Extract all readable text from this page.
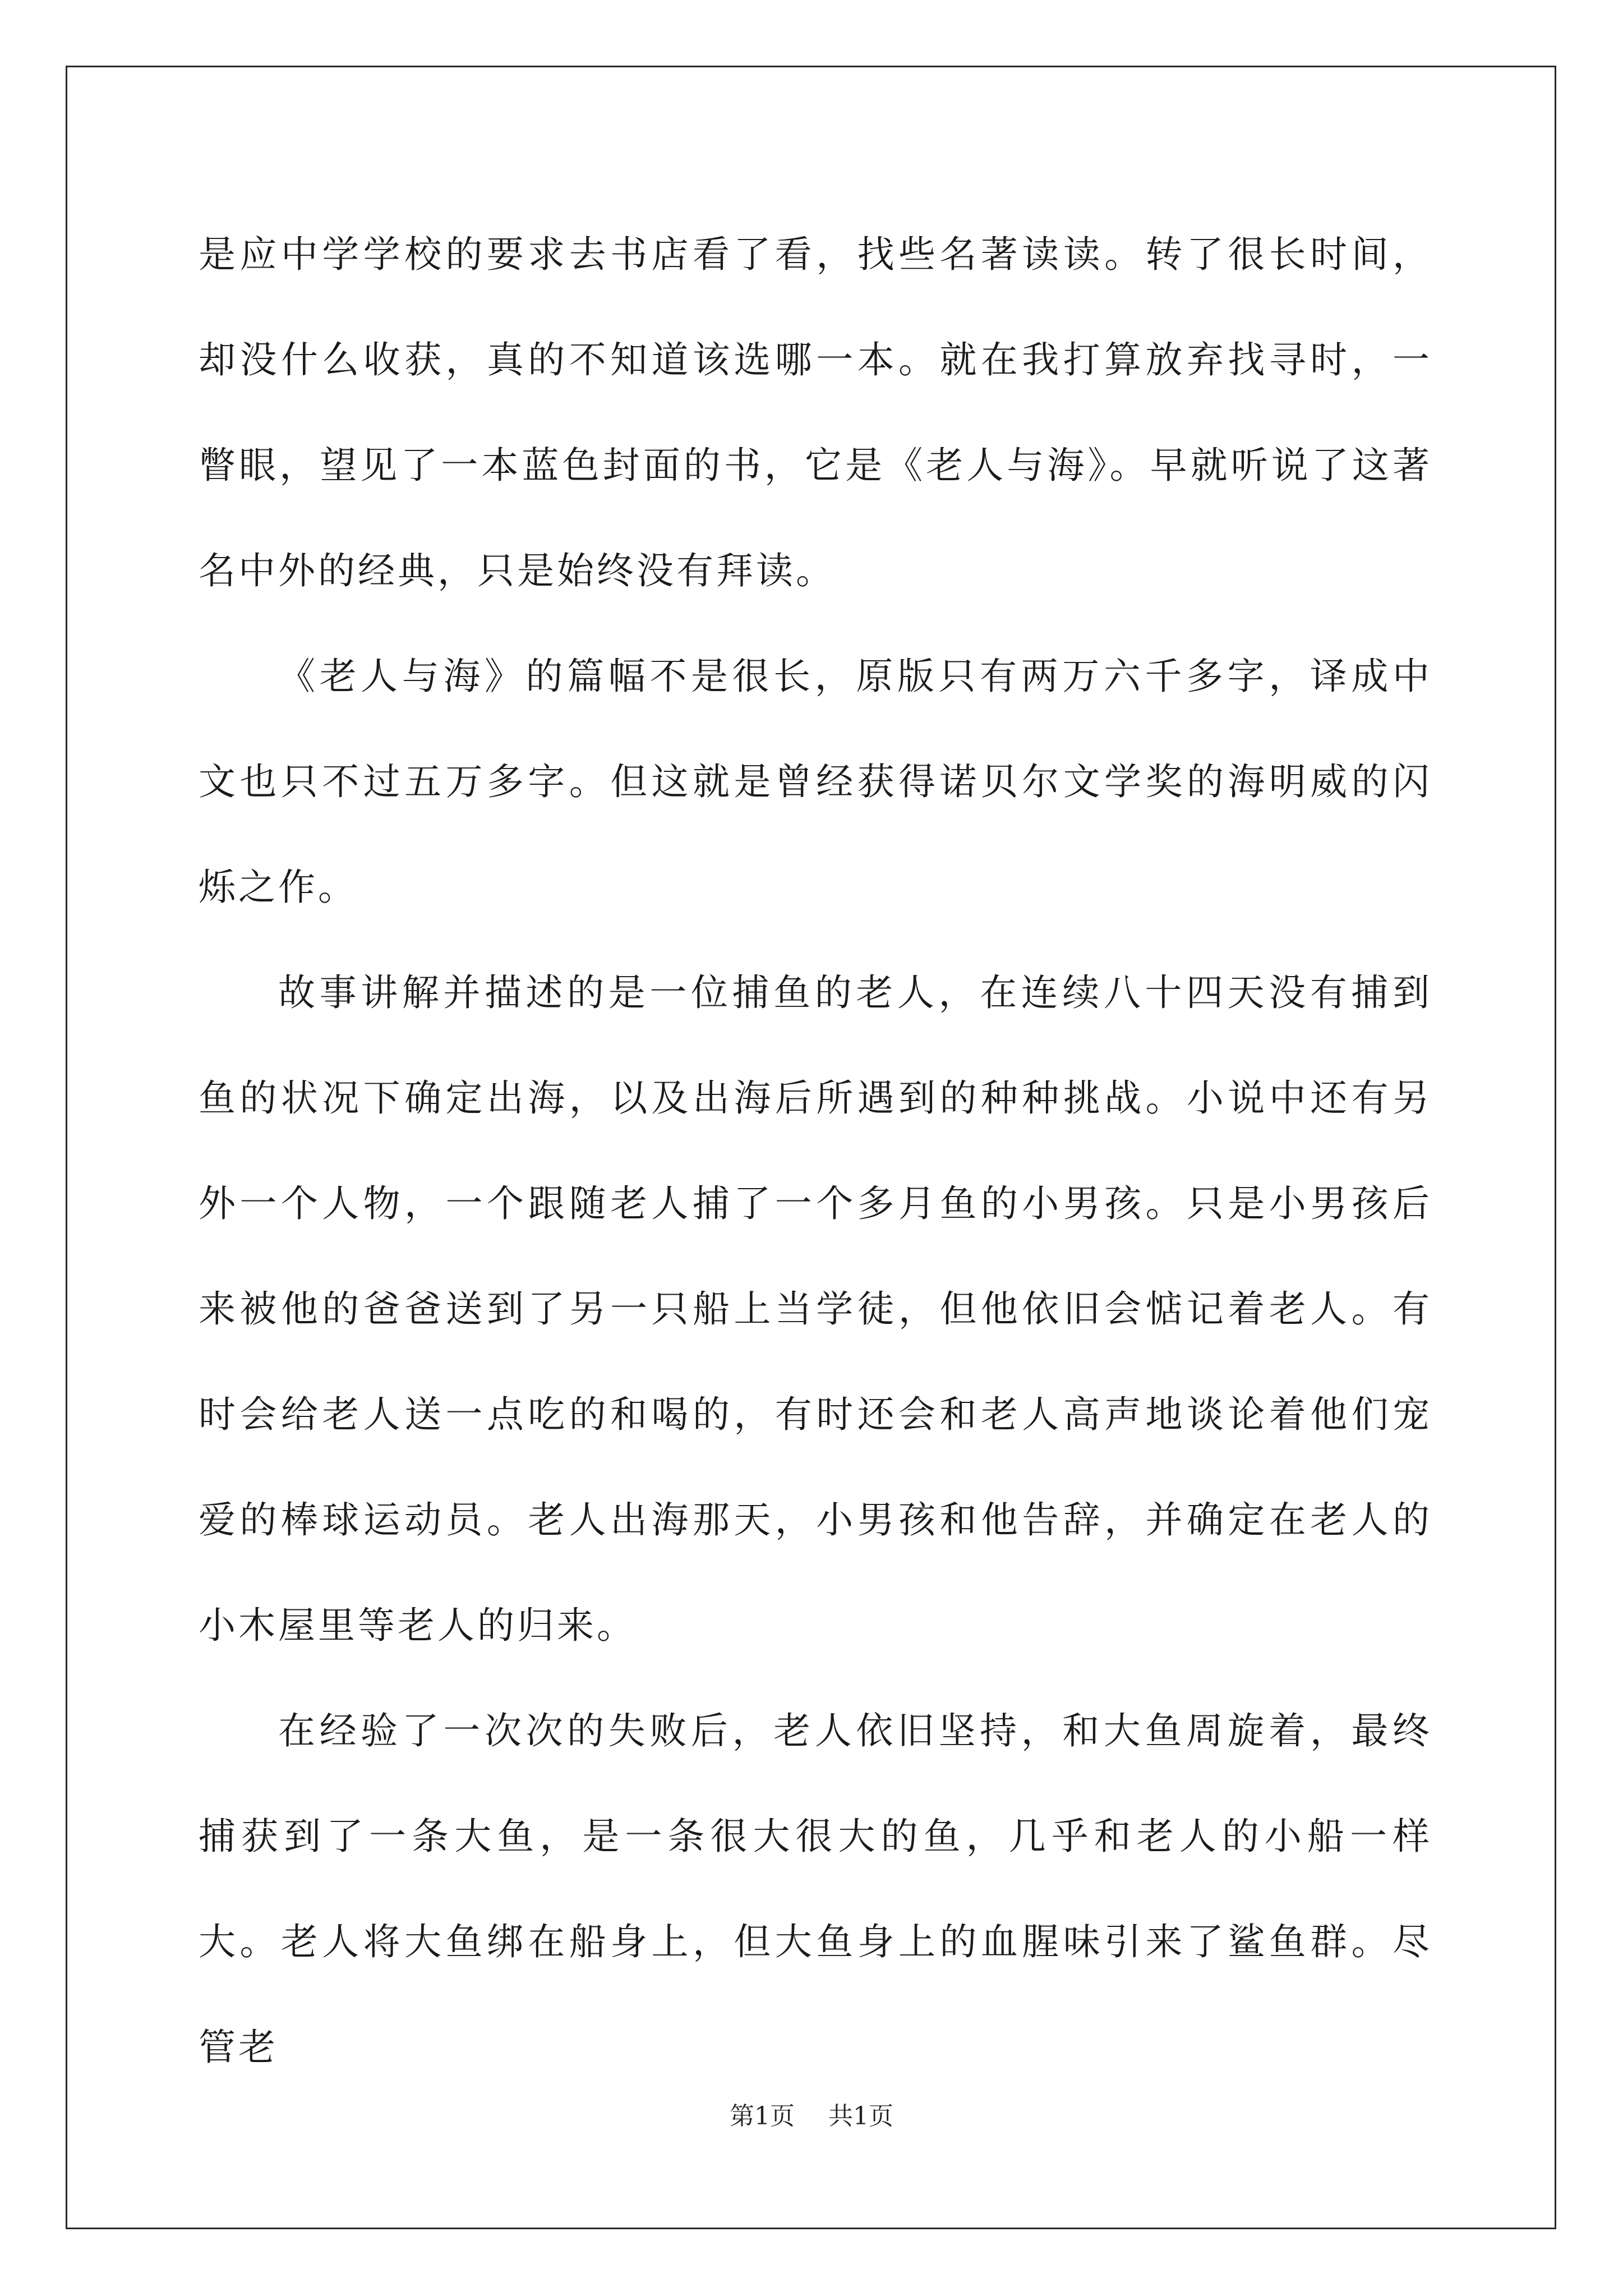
是应中学学校的要求去书店看了看，找些名著读读。转了很长时间，却没什么收获，真的不知道该选哪一本。就在我打算放弃找寻时，一瞥眼，望见了一本蓝色封面的书，它是《老人与海》。早就听说了这著名中外的经典，只是始终没有拜读。

《老人与海》的篇幅不是很长，原版只有两万六千多字，译成中文也只不过五万多字。但这就是曾经获得诺贝尔文学奖的海明威的闪烁之作。

故事讲解并描述的是一位捕鱼的老人，在连续八十四天没有捕到鱼的状况下确定出海，以及出海后所遇到的种种挑战。小说中还有另外一个人物，一个跟随老人捕了一个多月鱼的小男孩。只是小男孩后来被他的爸爸送到了另一只船上当学徒，但他依旧会惦记着老人。有时会给老人送一点吃的和喝的，有时还会和老人高声地谈论着他们宠爱的棒球运动员。老人出海那天，小男孩和他告辞，并确定在老人的小木屋里等老人的归来。

在经验了一次次的失败后，老人依旧坚持，和大鱼周旋着，最终捕获到了一条大鱼，是一条很大很大的鱼，几乎和老人的小船一样大。老人将大鱼绑在船身上，但大鱼身上的血腥味引来了鲨鱼群。尽管老

第1页 共1页
